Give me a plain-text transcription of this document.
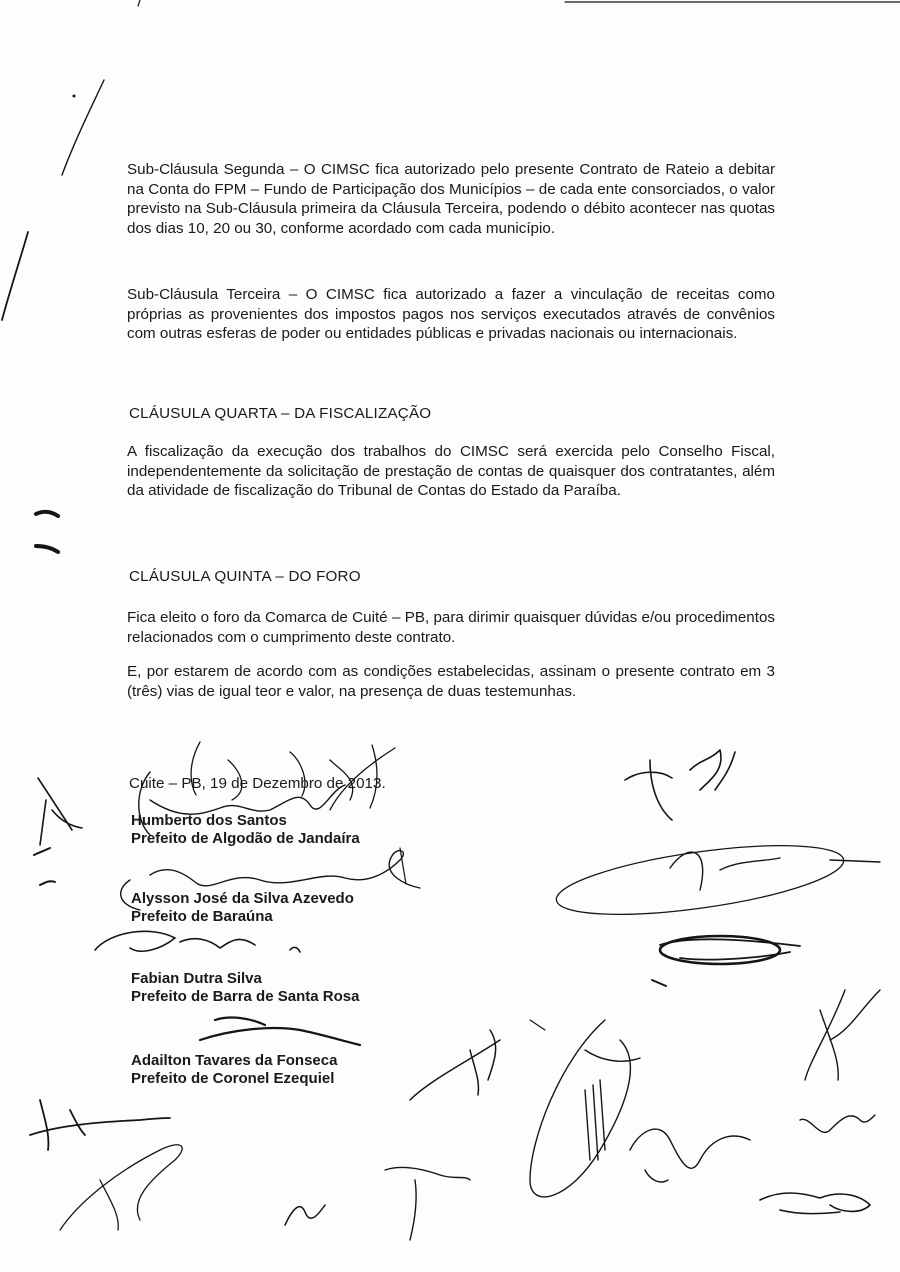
Sub-Cláusula Segunda – O CIMSC fica autorizado pelo presente Contrato de Rateio a debitar na Conta do FPM – Fundo de Participação dos Municípios – de cada ente consorciados, o valor previsto na Sub-Cláusula primeira da Cláusula Terceira, podendo o débito acontecer nas quotas dos dias 10, 20 ou 30, conforme acordado com cada município.

Sub-Cláusula Terceira – O CIMSC fica autorizado a fazer a vinculação de receitas como próprias as provenientes dos impostos pagos nos serviços executados através de convênios com outras esferas de poder ou entidades públicas e privadas nacionais ou internacionais.

CLÁUSULA QUARTA – DA FISCALIZAÇÃO

A fiscalização da execução dos trabalhos do CIMSC será exercida pelo Conselho Fiscal, independentemente da solicitação de prestação de contas de quaisquer dos contratantes, além da atividade de fiscalização do Tribunal de Contas do Estado da Paraíba.

CLÁUSULA QUINTA – DO FORO

Fica eleito o foro da Comarca de Cuité – PB, para dirimir quaisquer dúvidas e/ou procedimentos relacionados com o cumprimento deste contrato.

E, por estarem de acordo com as condições estabelecidas, assinam o presente contrato em 3 (três) vias de igual teor e valor, na presença de duas testemunhas.

Cuite – PB, 19 de Dezembro de 2013.
Humberto dos Santos
Prefeito de Algodão de Jandaíra
Alysson José da Silva Azevedo
Prefeito de Baraúna
Fabian Dutra Silva
Prefeito de Barra de Santa Rosa
Adailton Tavares da Fonseca
Prefeito de Coronel Ezequiel
